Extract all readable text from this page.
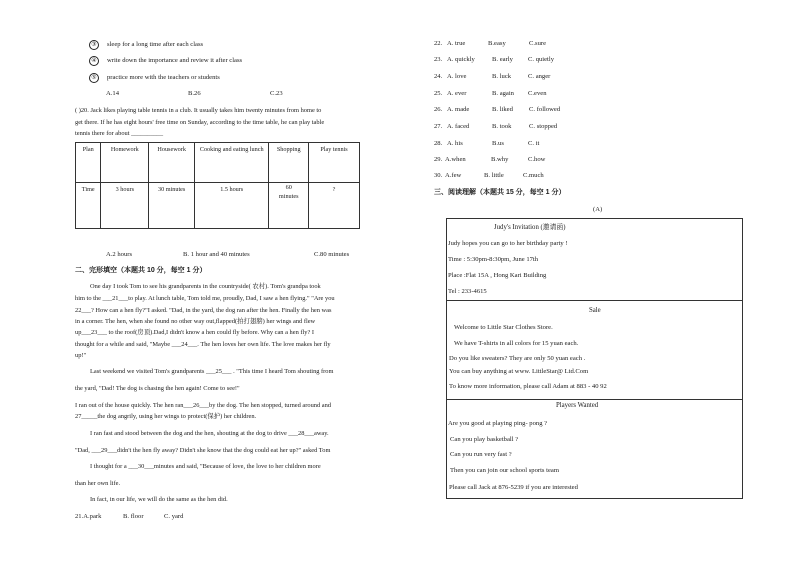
③ sleep for a long time after each class
④ write down the importance and review it after class
⑤ practice more with the teachers or students
A.14	B.26	C.23
( )20. Jack likes playing table tennis in a club. It usually takes him twenty minutes from home to
get there. If he has eight hours' free time on Sunday, according to the time table, he can play table
tennis there for about __________
Plan	Homework	Housework	Cooking and eating lunch	Shopping	Play tennis
Time	3 hours	30 minutes	1.5 hours	60 minutes	?
A.2 hours	B. 1 hour and 40 minutes	C.80 minutes
二、完形填空（本题共 10 分，每空 1 分）
One day I took Tom to see his grandparents in the countryside( 农村). Tom's grandpa took
him to the ___21___to play. At lunch table, Tom told me, proudly, Dad, I saw a hen flying." "Are you
22___? How can a hen fly?"I asked. "Dad, in the yard, the dog ran after the hen. Finally the hen was
in a corner. The hen, when she found no other way out,flapped(拍打翅膀) her wings and flew
up___23___ to the roof(房顶).Dad,I didn't know a hen could fly before. Why can a hen fly? I
thought for a while and said, "Maybe ___24___. The hen loves her own life. The love makes her fly
up!"
Last weekend we visited Tom's grandparents ___25___ . "This time I heard Tom shouting from
the yard, "Dad! The dog is chasing the hen again! Come to see!"
I ran out of the house quickly. The hen ran___26___by the dog. The hen stopped, turned around and
27_____the dog angrily, using her wings to protect(保护) her children.
I ran fast and stood between the dog and the hen, shouting at the dog to drive ___28___away.
"Dad, ___29___didn't the hen fly away? Didn't she know that the dog could eat her up?" asked Tom
I thought for a ___30___minutes and said, "Because of love, the love to her children more
than her own life.
In fact, in our life, we will do the same as the hen did.
21.A.park	B. floor	C. yard
22. A. true	B.easy	C.sure
23. A. quickly	B. early C. quietly
24. A. love	B. luck	C. anger
25. A. ever	B. again C.even
26. A. made	B. liked C. followed
27. A. faced	B. took	C. stopped
28. A. his	B.us	C. it
29. A.when	B.why	C.how
30. A.few	B. little	C.much
三、阅读理解（本题共 15 分，每空 1 分）
(A)
Judy's Invitation (邀请函)
Judy hopes you can go to her birthday party !
Time : 5:30pm-8:30pm, June 17th
Place :Flat 15A , Hong Kari Building
Tel : 233-4615
Sale
Welcome to Little Star Clothes Store.
We have T-shirts in all colors for 15 yuan each.
Do you like sweaters? They are only 50 yuan each .
You can buy anything at www. LittleStar@ Ltd.Com
To know more information, please call Adam at 883 - 40 92
Players Wanted
Are you good at playing ping- pong ?
Can you play basketball ?
Can you run very fast ?
Then you can join our school sports team
Please call Jack at 876-5239 if you are interested
